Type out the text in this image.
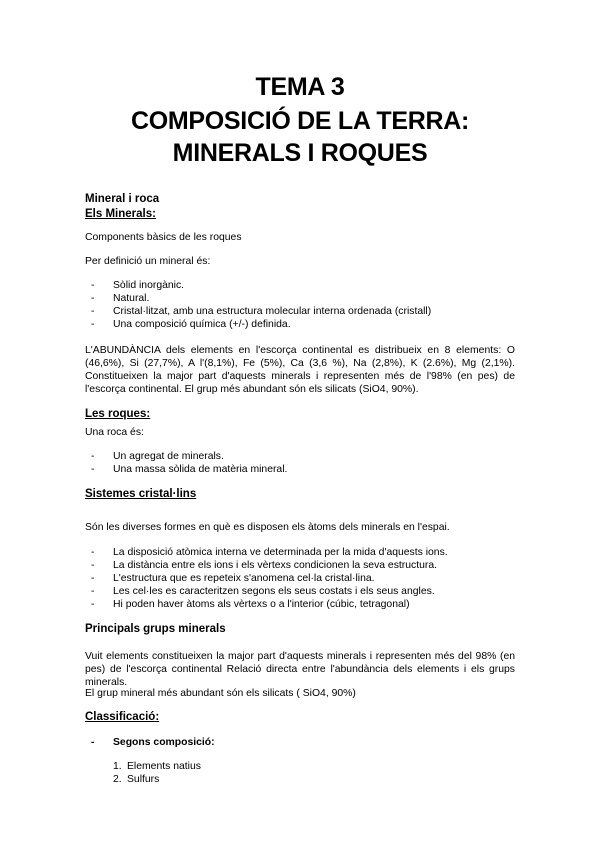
TEMA 3
COMPOSICIÓ DE LA TERRA:
MINERALS I ROQUES
Mineral i roca
Els Minerals:
Components bàsics de les roques
Per definició un mineral és:
- Sòlid inorgànic.
- Natural.
- Cristal·litzat, amb una estructura molecular interna ordenada (cristall)
- Una composició química (+/-) definida.
L'ABUNDÀNCIA dels elements en l'escorça continental es distribueix en 8 elements: O (46,6%), Si (27,7%), A l'(8,1%), Fe (5%), Ca (3,6 %), Na (2,8%), K (2.6%), Mg (2,1%). Constitueixen la major part d'aquests minerals i representen més de l'98% (en pes) de l'escorça continental. El grup més abundant són els silicats (SiO4, 90%).
Les roques:
Una roca és:
- Un agregat de minerals.
- Una massa sòlida de matèria mineral.
Sistemes cristal·lins
Són les diverses formes en què es disposen els àtoms dels minerals en l'espai.
- La disposició atòmica interna ve determinada per la mida d'aquests ions.
- La distància entre els ions i els vèrtexs condicionen la seva estructura.
- L'estructura que es repeteix s'anomena cel·la cristal·lina.
- Les cel·les es caracteritzen segons els seus costats i els seus angles.
- Hi poden haver àtoms als vèrtexs o a l'interior (cúbic, tetragonal)
Principals grups minerals
Vuit elements constitueixen la major part d'aquests minerals i representen més del 98% (en pes) de l'escorça continental Relació directa entre l'abundància dels elements i els grups minerals.
El grup mineral més abundant són els silicats ( SiO4, 90%)
Classificació:
- Segons composició:
1. Elements natius
2. Sulfurs
